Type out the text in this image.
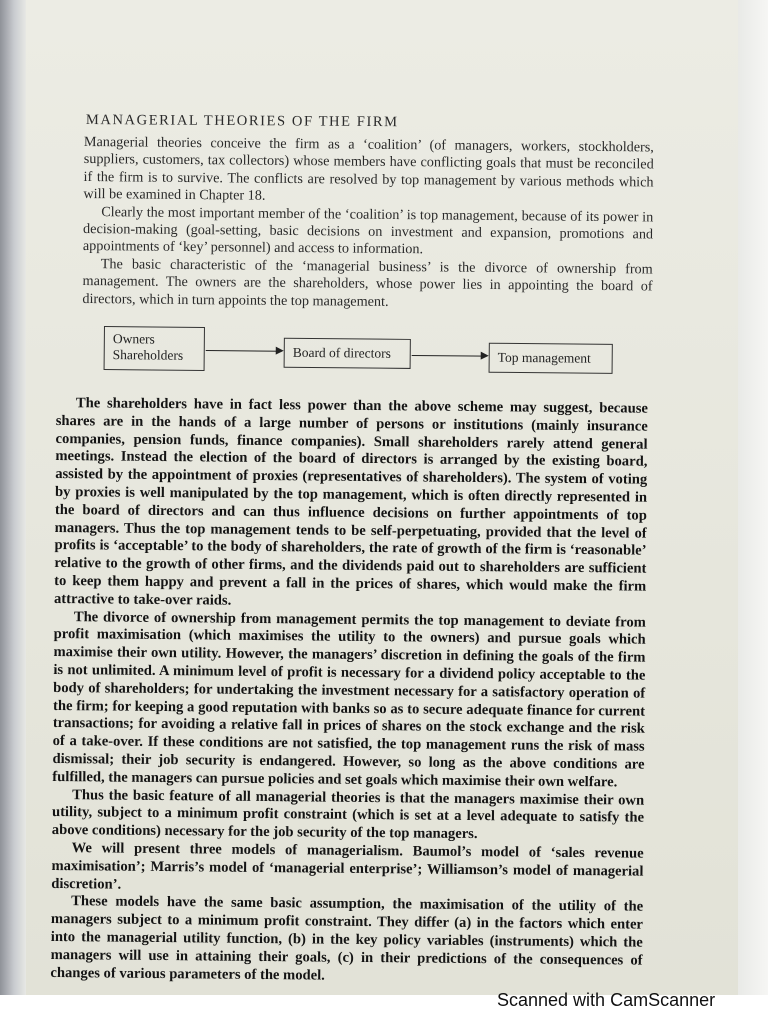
MANAGERIAL THEORIES OF THE FIRM

Managerial theories conceive the firm as a ‘coalition’ (of managers, workers, stockholders, suppliers, customers, tax collectors) whose members have conflicting goals that must be reconciled if the firm is to survive. The conflicts are resolved by top management by various methods which will be examined in Chapter 18.

Clearly the most important member of the ‘coalition’ is top management, because of its power in decision-making (goal-setting, basic decisions on investment and expansion, promotions and appointments of ‘key’ personnel) and access to information.

The basic characteristic of the ‘managerial business’ is the divorce of ownership from management. The owners are the shareholders, whose power lies in appointing the board of directors, which in turn appoints the top management.

Owners
Shareholders	Board of directors	Top management

The shareholders have in fact less power than the above scheme may suggest, because shares are in the hands of a large number of persons or institutions (mainly insurance companies, pension funds, finance companies). Small shareholders rarely attend general meetings. Instead the election of the board of directors is arranged by the existing board, assisted by the appointment of proxies (representatives of shareholders). The system of voting by proxies is well manipulated by the top management, which is often directly represented in the board of directors and can thus influence decisions on further appointments of top managers. Thus the top management tends to be self-perpetuating, provided that the level of profits is ‘acceptable’ to the body of shareholders, the rate of growth of the firm is ‘reasonable’ relative to the growth of other firms, and the dividends paid out to shareholders are sufficient to keep them happy and prevent a fall in the prices of shares, which would make the firm attractive to take-over raids.

The divorce of ownership from management permits the top management to deviate from profit maximisation (which maximises the utility to the owners) and pursue goals which maximise their own utility. However, the managers’ discretion in defining the goals of the firm is not unlimited. A minimum level of profit is necessary for a dividend policy acceptable to the body of shareholders; for undertaking the investment necessary for a satisfactory operation of the firm; for keeping a good reputation with banks so as to secure adequate finance for current transactions; for avoiding a relative fall in prices of shares on the stock exchange and the risk of a take-over. If these conditions are not satisfied, the top management runs the risk of mass dismissal; their job security is endangered. However, so long as the above conditions are fulfilled, the managers can pursue policies and set goals which maximise their own welfare.

Thus the basic feature of all managerial theories is that the managers maximise their own utility, subject to a minimum profit constraint (which is set at a level adequate to satisfy the above conditions) necessary for the job security of the top managers.

We will present three models of managerialism. Baumol’s model of ‘sales revenue maximisation’; Marris’s model of ‘managerial enterprise’; Williamson’s model of managerial discretion’.

These models have the same basic assumption, the maximisation of the utility of the managers subject to a minimum profit constraint. They differ (a) in the factors which enter into the managerial utility function, (b) in the key policy variables (instruments) which the managers will use in attaining their goals, (c) in their predictions of the consequences of changes of various parameters of the model.

Scanned with CamScanner
